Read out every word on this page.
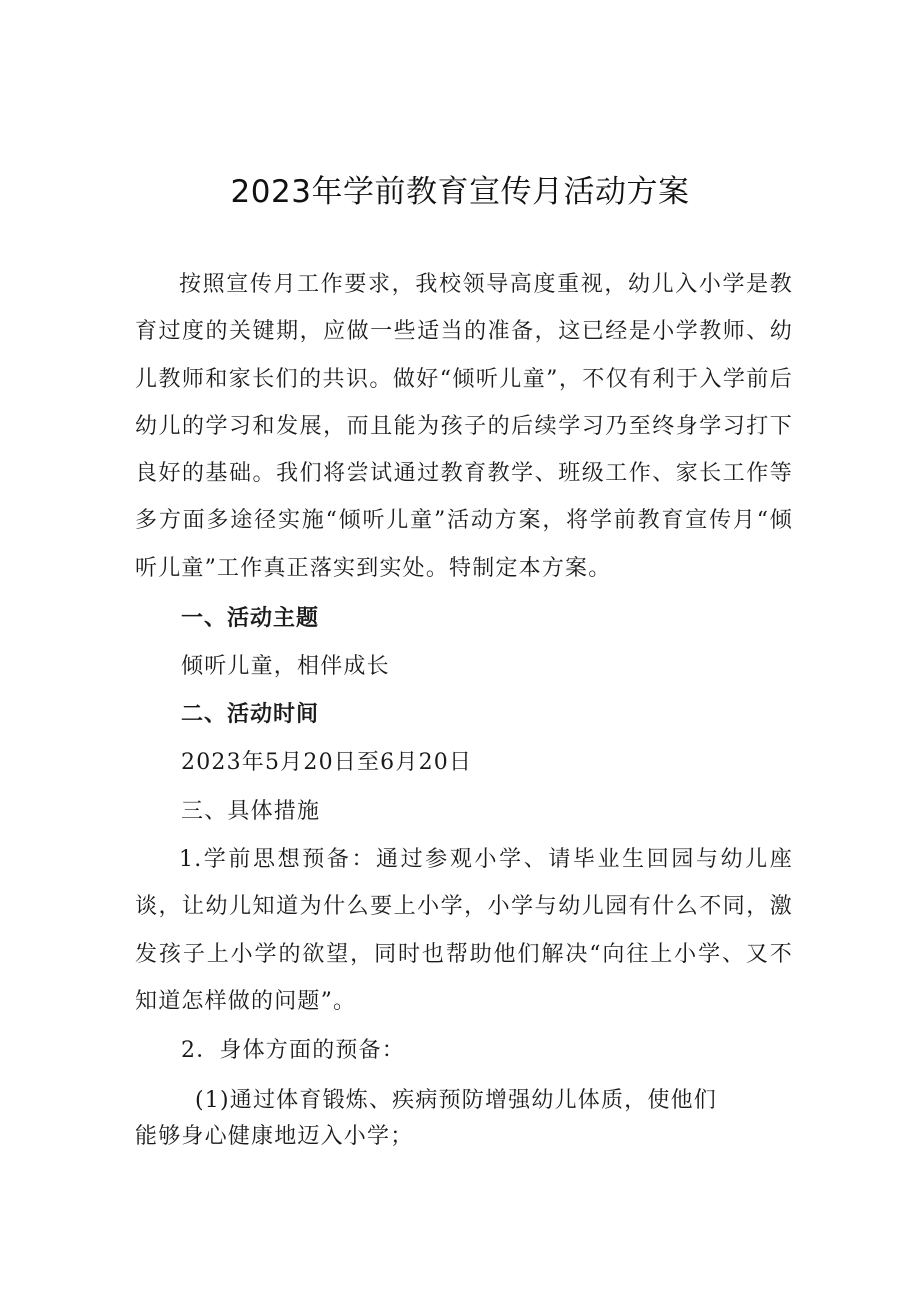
2023年学前教育宣传月活动方案

按照宣传月工作要求，我校领导高度重视，幼儿入小学是教育过度的关键期，应做一些适当的准备，这已经是小学教师、幼儿教师和家长们的共识。做好“倾听儿童”，不仅有利于入学前后幼儿的学习和发展，而且能为孩子的后续学习乃至终身学习打下良好的基础。我们将尝试通过教育教学、班级工作、家长工作等多方面多途径实施“倾听儿童”活动方案，将学前教育宣传月“倾听儿童”工作真正落实到实处。特制定本方案。

一、活动主题
倾听儿童，相伴成长
二、活动时间
2023年5月20日至6月20日
三、具体措施

1.学前思想预备：通过参观小学、请毕业生回园与幼儿座谈，让幼儿知道为什么要上小学，小学与幼儿园有什么不同，激发孩子上小学的欲望，同时也帮助他们解决“向往上小学、又不知道怎样做的问题”。

2．身体方面的预备：
(1)通过体育锻炼、疾病预防增强幼儿体质，使他们
能够身心健康地迈入小学；
